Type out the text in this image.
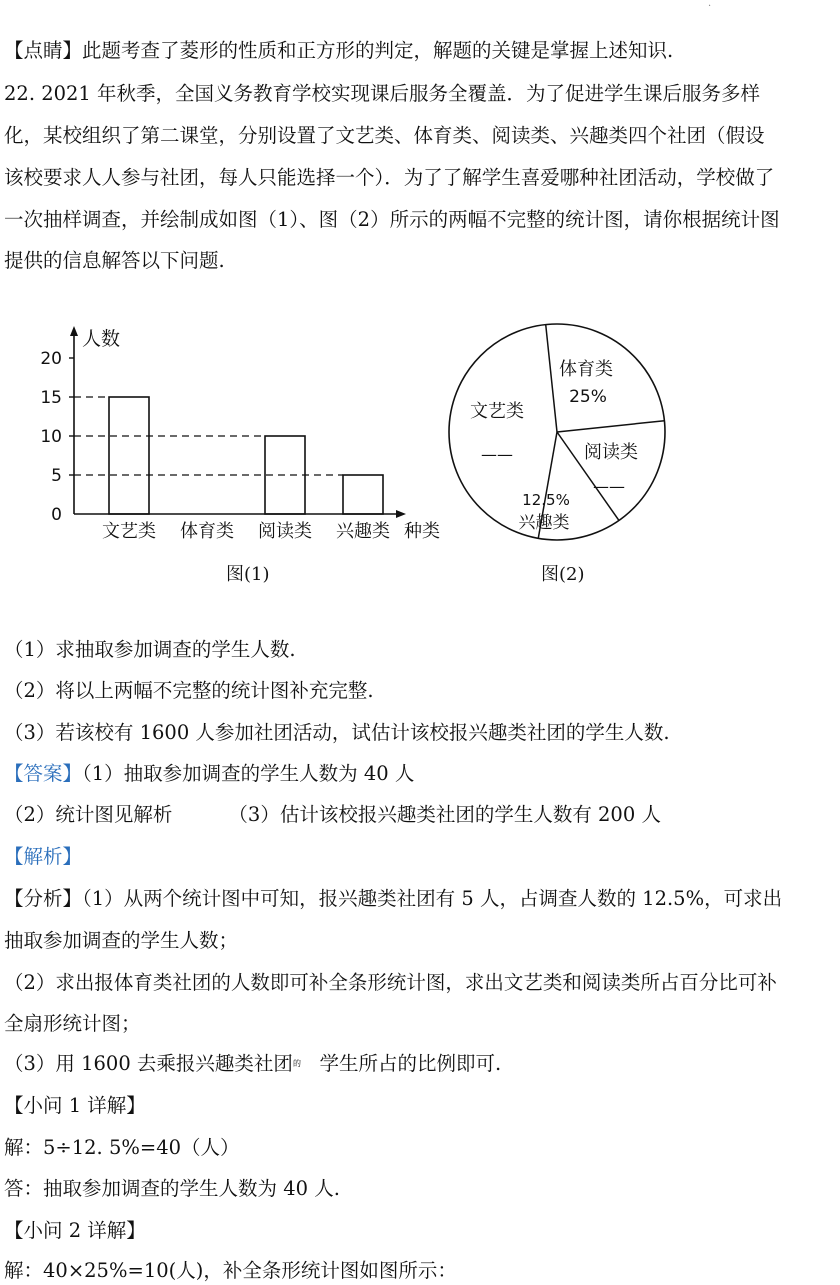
·
【点睛】此题考查了菱形的性质和正方形的判定，解题的关键是掌握上述知识.
22. 2021 年秋季，全国义务教育学校实现课后服务全覆盖．为了促进学生课后服务多样
化，某校组织了第二课堂，分别设置了文艺类、体育类、阅读类、兴趣类四个社团（假设
该校要求人人参与社团，每人只能选择一个）．为了了解学生喜爱哪种社团活动，学校做了
一次抽样调查，并绘制成如图（1）、图（2）所示的两幅不完整的统计图，请你根据统计图
提供的信息解答以下问题.
0
5
10
15
20
人数
种类
文艺类 体育类 阅读类 兴趣类
图(1)
体育类
25%
文艺类
——	阅读类
——
12.5%
兴趣类
图(2)
（1）求抽取参加调查的学生人数.
（2）将以上两幅不完整的统计图补充完整.
（3）若该校有 1600 人参加社团活动，试估计该校报兴趣类社团的学生人数.
【答案】（1）抽取参加调查的学生人数为 40 人
（2）统计图见解析	（3）估计该校报兴趣类社团的学生人数有 200 人
【解析】
【分析】（1）从两个统计图中可知，报兴趣类社团有 5 人，占调查人数的 12.5%，可求出
抽取参加调查的学生人数；
（2）求出报体育类社团的人数即可补全条形统计图，求出文艺类和阅读类所占百分比可补
全扇形统计图；
（3）用 1600 去乘报兴趣类社团$^的$ 学生所占的比例即可.
【小问 1 详解】
解：5÷12. 5%=40（人）
答：抽取参加调查的学生人数为 40 人.
【小问 2 详解】
解：40×25%=10(人)，补全条形统计图如图所示：
